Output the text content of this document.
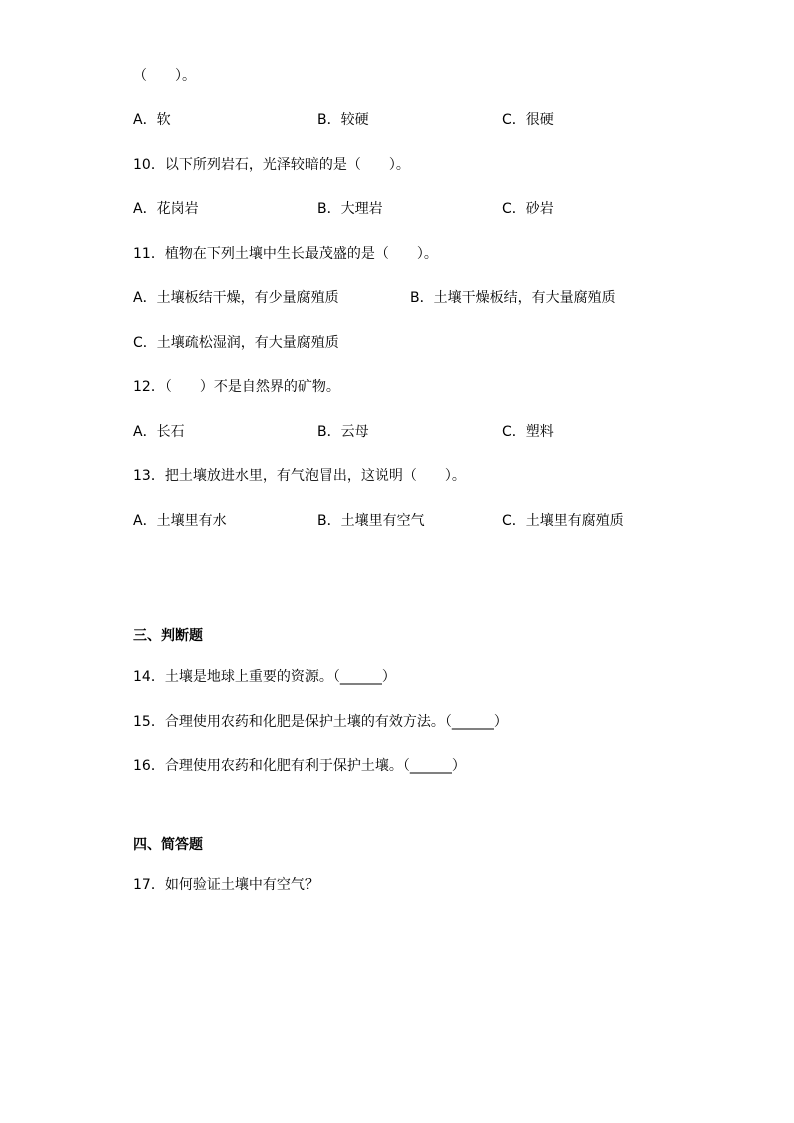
（　　）。
A．软	B．较硬	C．很硬
10．以下所列岩石，光泽较暗的是（　　）。
A．花岗岩	B．大理岩	C．砂岩
11．植物在下列土壤中生长最茂盛的是（　　）。
A．土壤板结干燥，有少量腐殖质	B．土壤干燥板结，有大量腐殖质
C．土壤疏松湿润，有大量腐殖质
12．（　　）不是自然界的矿物。
A．长石	B．云母	C．塑料
13．把土壤放进水里，有气泡冒出，这说明（　　）。
A．土壤里有水	B．土壤里有空气	C．土壤里有腐殖质
三、判断题
14．土壤是地球上重要的资源。（______）
15．合理使用农药和化肥是保护土壤的有效方法。（______）
16．合理使用农药和化肥有利于保护土壤。（______）
四、简答题
17．如何验证土壤中有空气？
